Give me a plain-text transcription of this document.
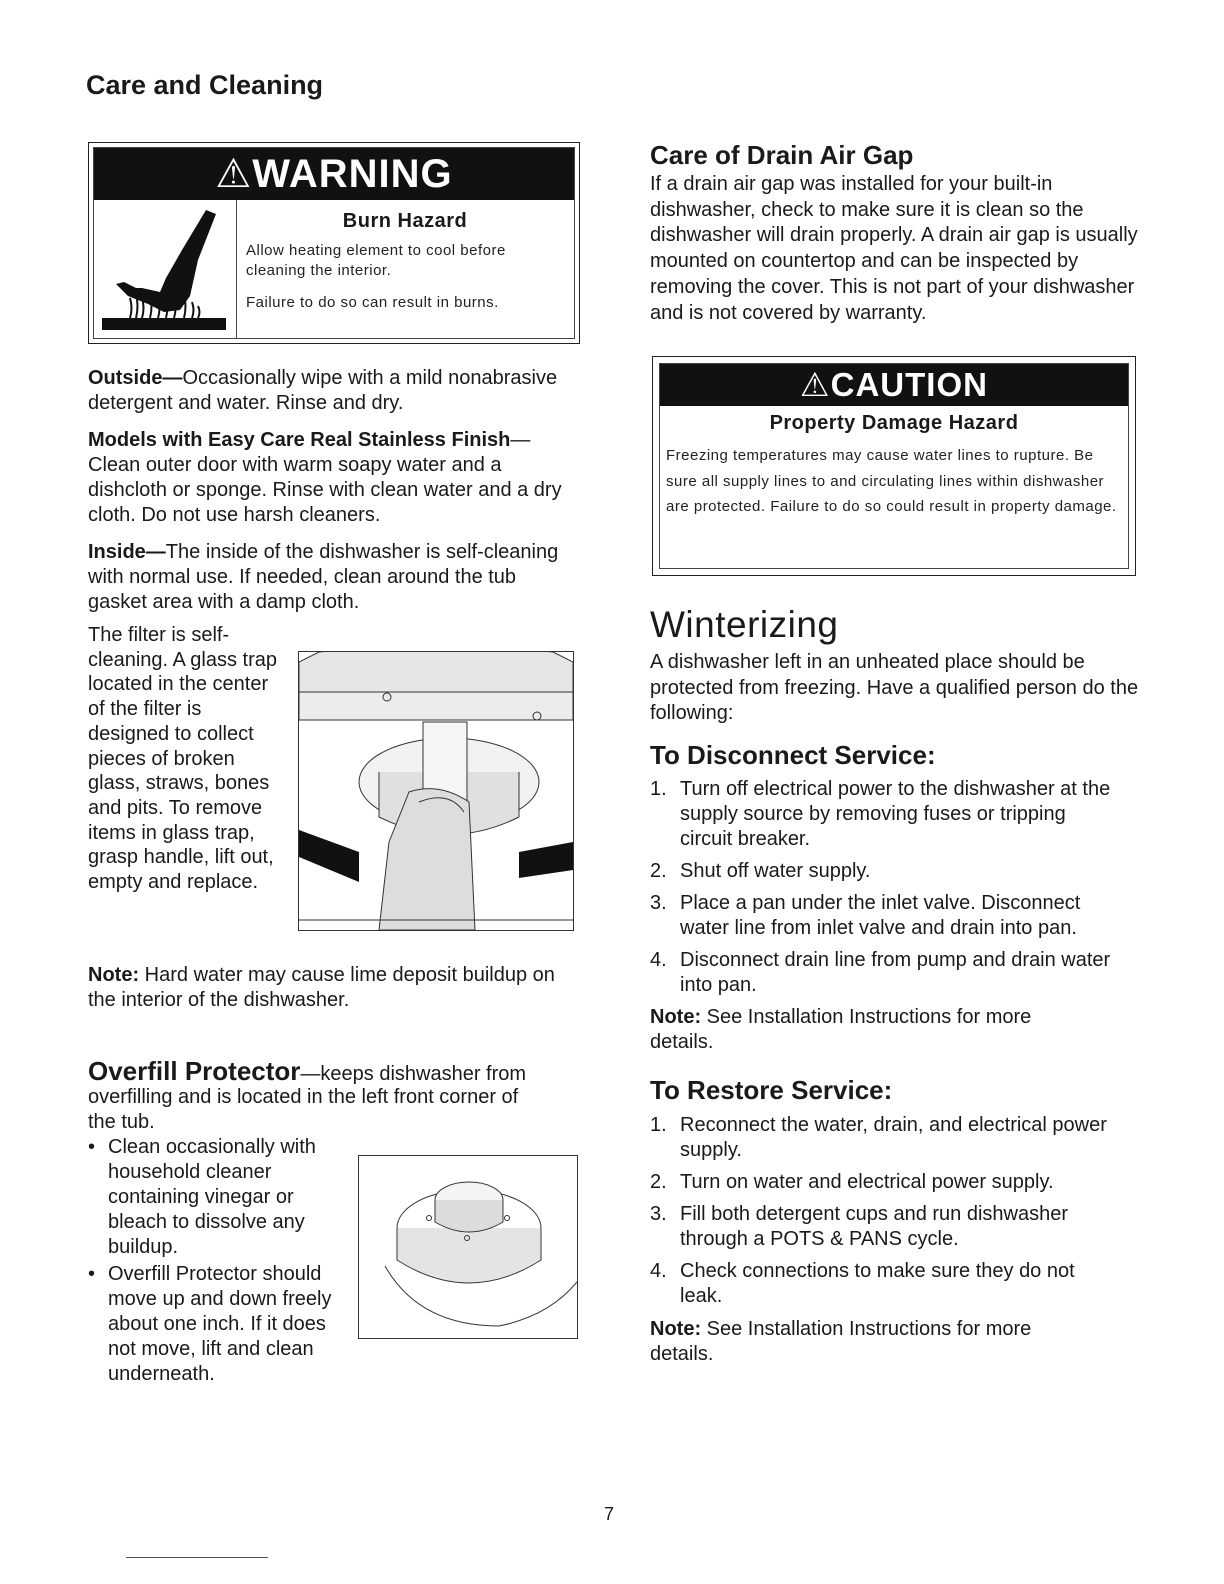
Care and Cleaning
⚠WARNING
Burn Hazard
Allow heating element to cool before cleaning the interior.
Failure to do so can result in burns.

Outside—Occasionally wipe with a mild nonabrasive detergent and water. Rinse and dry.

Models with Easy Care Real Stainless Finish—Clean outer door with warm soapy water and a dishcloth or sponge. Rinse with clean water and a dry cloth. Do not use harsh cleaners.

Inside—The inside of the dishwasher is self-cleaning with normal use. If needed, clean around the tub gasket area with a damp cloth.

The filter is self-cleaning. A glass trap located in the center of the filter is designed to collect pieces of broken glass, straws, bones and pits. To remove items in glass trap, grasp handle, lift out, empty and replace.

Note: Hard water may cause lime deposit buildup on the interior of the dishwasher.

Overfill Protector—keeps dishwasher from

overfilling and is located in the left front corner of the tub.

• Clean occasionally with household cleaner containing vinegar or bleach to dissolve any buildup.

• Overfill Protector should move up and down freely about one inch. If it does not move, lift and clean underneath.

Care of Drain Air Gap

If a drain air gap was installed for your built-in dishwasher, check to make sure it is clean so the dishwasher will drain properly. A drain air gap is usually mounted on countertop and can be inspected by removing the cover. This is not part of your dishwasher and is not covered by warranty.

⚠CAUTION
Property Damage Hazard
Freezing temperatures may cause water lines to rupture. Be sure all supply lines to and circulating lines within dishwasher are protected. Failure to do so could result in property damage.
Winterizing

A dishwasher left in an unheated place should be protected from freezing. Have a qualified person do the following:

To Disconnect Service:
1. Turn off electrical power to the dishwasher at the supply source by removing fuses or tripping circuit breaker.
2. Shut off water supply.
3. Place a pan under the inlet valve. Disconnect water line from inlet valve and drain into pan.
4. Disconnect drain line from pump and drain water into pan.

Note: See Installation Instructions for more details.

To Restore Service:
1. Reconnect the water, drain, and electrical power supply.
2. Turn on water and electrical power supply.
3. Fill both detergent cups and run dishwasher through a POTS & PANS cycle.
4. Check connections to make sure they do not leak.

Note: See Installation Instructions for more details.

7
